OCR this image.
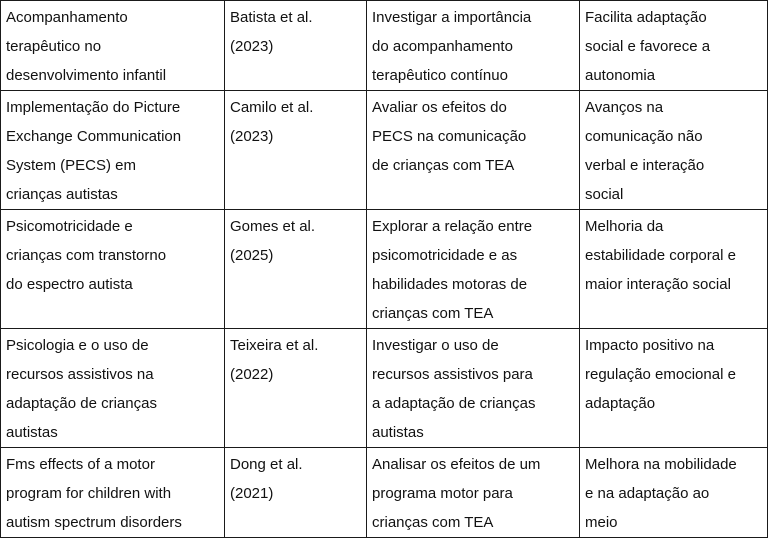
Acompanhamento
terapêutico no
desenvolvimento infantil	Batista et al.
(2023)	Investigar a importância
do acompanhamento
terapêutico contínuo	Facilita adaptação
social e favorece a
autonomia

Implementação do Picture
Exchange Communication
System (PECS) em
crianças autistas	Camilo et al.
(2023)	Avaliar os efeitos do
PECS na comunicação
de crianças com TEA	Avanços na
comunicação não
verbal e interação
social

Psicomotricidade e
crianças com transtorno
do espectro autista	Gomes et al.
(2025)	Explorar a relação entre
psicomotricidade e as
habilidades motoras de
crianças com TEA	Melhoria da
estabilidade corporal e
maior interação social

Psicologia e o uso de
recursos assistivos na
adaptação de crianças
autistas	Teixeira et al.
(2022)	Investigar o uso de
recursos assistivos para
a adaptação de crianças
autistas	Impacto positivo na
regulação emocional e
adaptação

Fms effects of a motor
program for children with
autism spectrum disorders	Dong et al.
(2021)	Analisar os efeitos de um
programa motor para
crianças com TEA	Melhora na mobilidade
e na adaptação ao
meio
